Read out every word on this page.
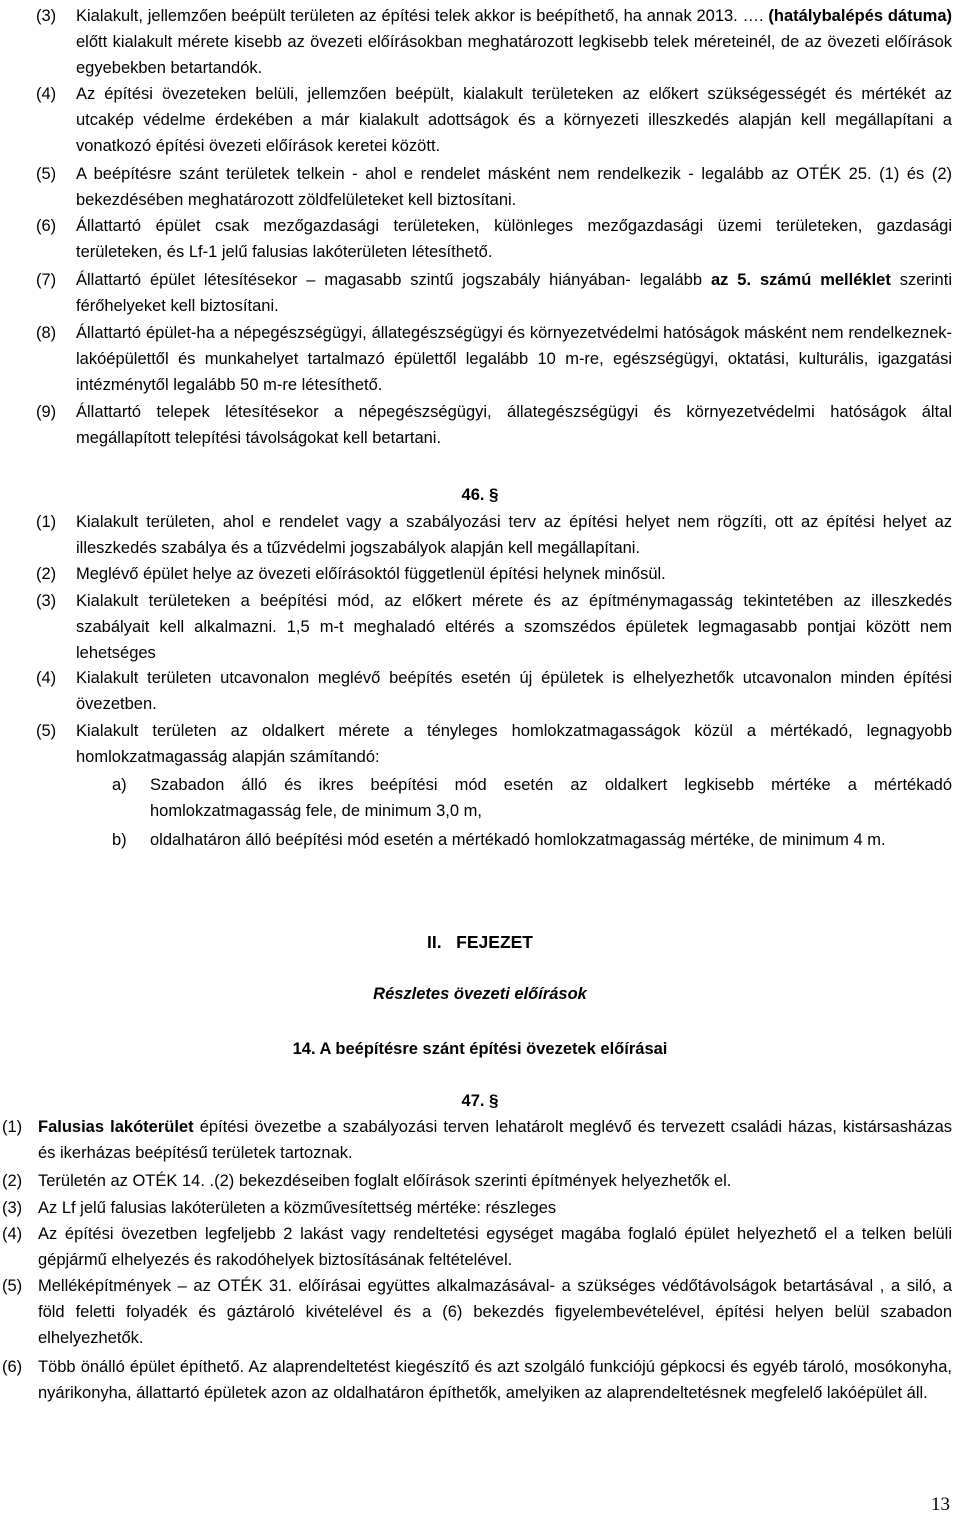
(3) Kialakult, jellemzően beépült területen az építési telek akkor is beépíthető, ha annak 2013. …. (hatálybalépés dátuma) előtt kialakult mérete kisebb az övezeti előírásokban meghatározott legkisebb telek méreteinél, de az övezeti előírások egyebekben betartandók.
(4) Az építési övezeteken belüli, jellemzően beépült, kialakult területeken az előkert szükségességét és mértékét az utcakép védelme érdekében a már kialakult adottságok és a környezeti illeszkedés alapján kell megállapítani a vonatkozó építési övezeti előírások keretei között.
(5) A beépítésre szánt területek telkein - ahol e rendelet másként nem rendelkezik - legalább az OTÉK 25. (1) és (2) bekezdésében meghatározott zöldfelületeket kell biztosítani.
(6) Állattartó épület csak mezőgazdasági területeken, különleges mezőgazdasági üzemi területeken, gazdasági területeken, és Lf-1 jelű falusias lakóterületen létesíthető.
(7) Állattartó épület létesítésekor – magasabb szintű jogszabály hiányában- legalább az 5. számú melléklet szerinti férőhelyeket kell biztosítani.
(8) Állattartó épület-ha a népegészségügyi, állategészségügyi és környezetvédelmi hatóságok másként nem rendelkeznek- lakóépülettől és munkahelyet tartalmazó épülettől legalább 10 m-re, egészségügyi, oktatási, kulturális, igazgatási intézménytől legalább 50 m-re létesíthető.
(9) Állattartó telepek létesítésekor a népegészségügyi, állategészségügyi és környezetvédelmi hatóságok által megállapított telepítési távolságokat kell betartani.
46. §
(1) Kialakult területen, ahol e rendelet vagy a szabályozási terv az építési helyet nem rögzíti, ott az építési helyet az illeszkedés szabálya és a tűzvédelmi jogszabályok alapján kell megállapítani.
(2) Meglévő épület helye az övezeti előírásoktól függetlenül építési helynek minősül.
(3) Kialakult területeken a beépítési mód, az előkert mérete és az építménymagasság tekintetében az illeszkedés szabályait kell alkalmazni. 1,5 m-t meghaladó eltérés a szomszédos épületek legmagasabb pontjai között nem lehetséges
(4) Kialakult területen utcavonalon meglévő beépítés esetén új épületek is elhelyezhetők utcavonalon minden építési övezetben.
(5) Kialakult területen az oldalkert mérete a tényleges homlokzatmagasságok közül a mértékadó, legnagyobb homlokzatmagasság alapján számítandó:
a) Szabadon álló és ikres beépítési mód esetén az oldalkert legkisebb mértéke a mértékadó homlokzatmagasság fele, de minimum 3,0 m,
b) oldalhatáron álló beépítési mód esetén a mértékadó homlokzatmagasság mértéke, de minimum 4 m.
II. FEJEZET
Részletes övezeti előírások
14. A beépítésre szánt építési övezetek előírásai
47. §
(1) Falusias lakóterület építési övezetbe a szabályozási terven lehatárolt meglévő és tervezett családi házas, kistársasházas és ikerházas beépítésű területek tartoznak.
(2) Területén az OTÉK 14. .(2) bekezdéseiben foglalt előírások szerinti építmények helyezhetők el.
(3) Az Lf jelű falusias lakóterületen a közművesítettség mértéke: részleges
(4) Az építési övezetben legfeljebb 2 lakást vagy rendeltetési egységet magába foglaló épület helyezhető el a telken belüli gépjármű elhelyezés és rakodóhelyek biztosításának feltételével.
(5) Melléképítmények – az OTÉK 31. előírásai együttes alkalmazásával- a szükséges védőtávolságok betartásával , a siló, a föld feletti folyadék és gáztároló kivételével és a (6) bekezdés figyelembevételével, építési helyen belül szabadon elhelyezhetők.
(6) Több önálló épület építhető. Az alaprendeltetést kiegészítő és azt szolgáló funkciójú gépkocsi és egyéb tároló, mosókonyha, nyárikonyha, állattartó épületek azon az oldalhatáron építhetők, amelyiken az alaprendeltetésnek megfelelő lakóépület áll.
13
